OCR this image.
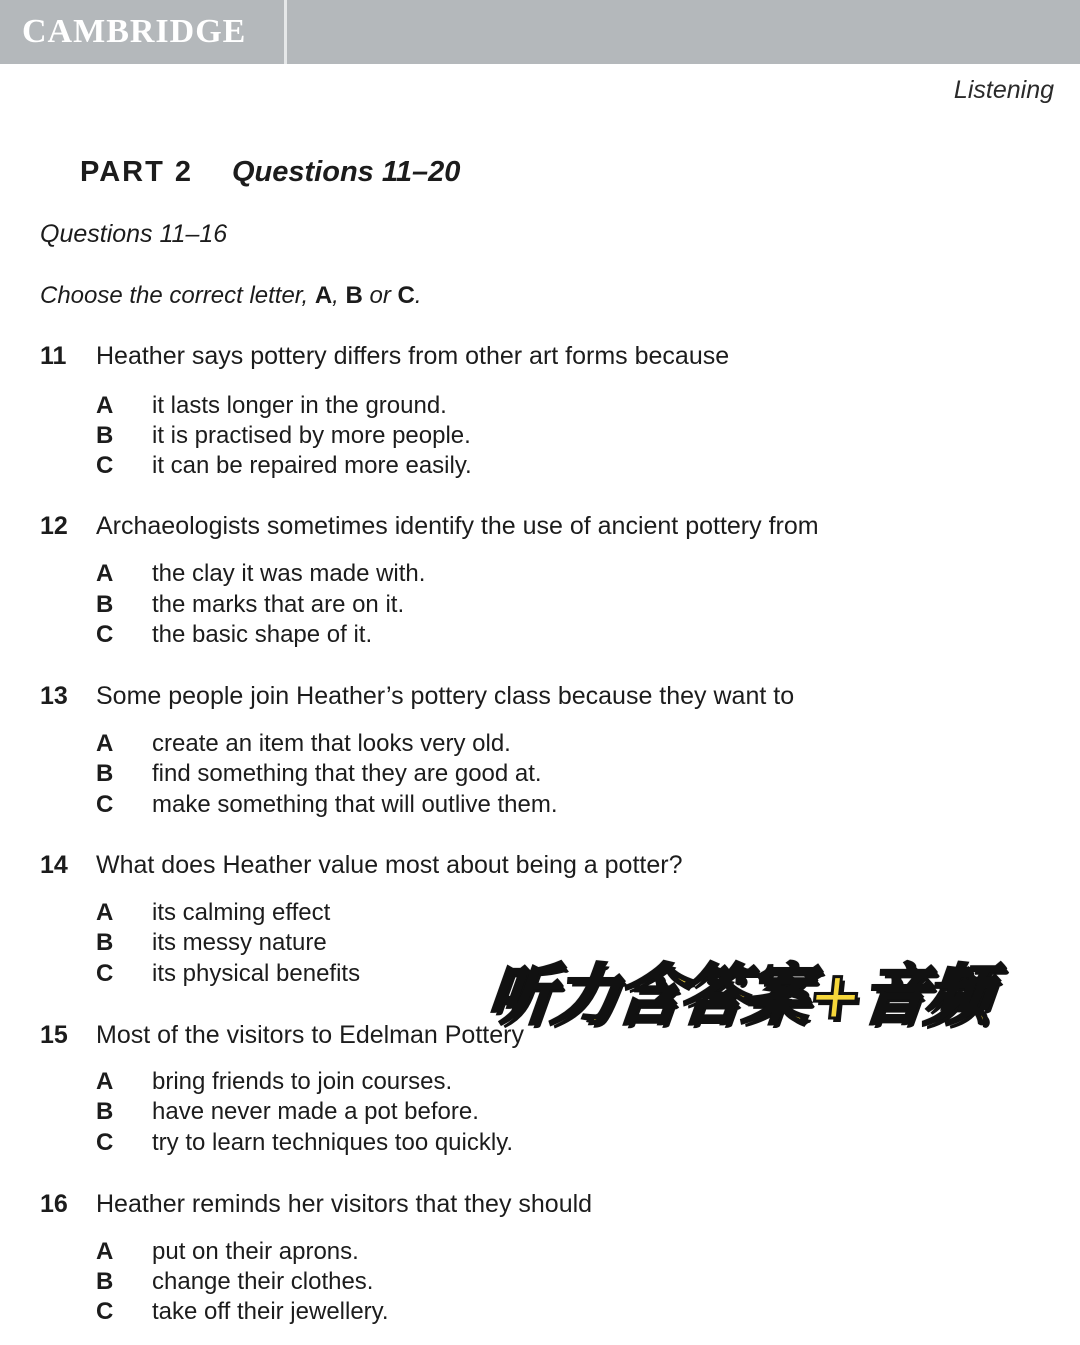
CAMBRIDGE
Listening
PART 2 Questions 11–20
Questions 11–16
Choose the correct letter, A, B or C.
11 Heather says pottery differs from other art forms because
A it lasts longer in the ground.
B it is practised by more people.
C it can be repaired more easily.
12 Archaeologists sometimes identify the use of ancient pottery from
A the clay it was made with.
B the marks that are on it.
C the basic shape of it.
13 Some people join Heather’s pottery class because they want to
A create an item that looks very old.
B find something that they are good at.
C make something that will outlive them.
14 What does Heather value most about being a potter?
A its calming effect
B its messy nature
C its physical benefits
15 Most of the visitors to Edelman Pottery
A bring friends to join courses.
B have never made a pot before.
C try to learn techniques too quickly.
16 Heather reminds her visitors that they should
A put on their aprons.
B change their clothes.
C take off their jewellery.
听力含答案+音频
